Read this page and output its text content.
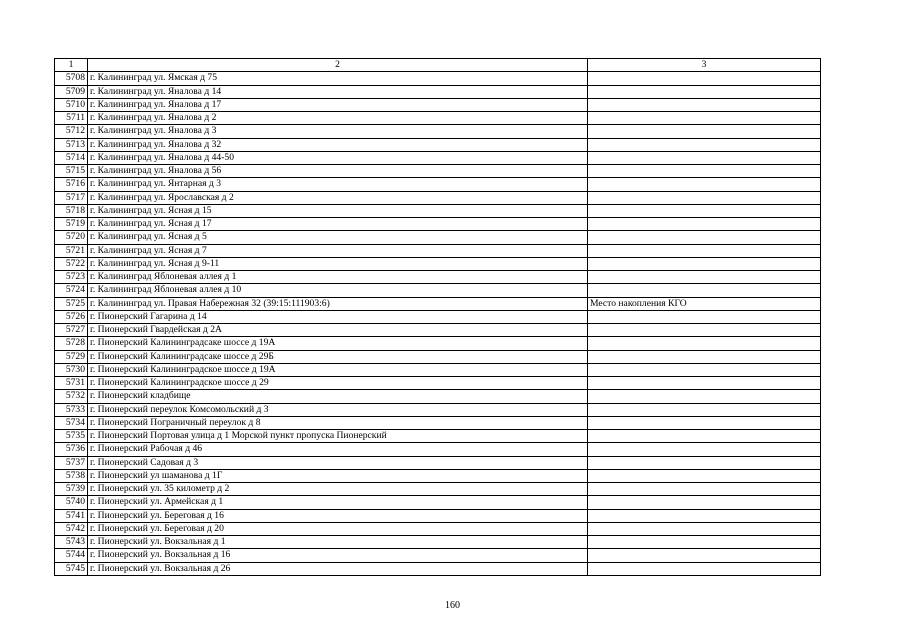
1	2	3
5708	г. Калининград ул. Ямская д 75	
5709	г. Калининград ул. Яналова д 14	
5710	г. Калининград ул. Яналова д 17	
5711	г. Калининград ул. Яналова д 2	
5712	г. Калининград ул. Яналова д 3	
5713	г. Калининград ул. Яналова д 32	
5714	г. Калининград ул. Яналова д 44-50	
5715	г. Калининград ул. Яналова д 56	
5716	г. Калининград ул. Янтарная д 3	
5717	г. Калининград ул. Ярославская д 2	
5718	г. Калининград ул. Ясная д 15	
5719	г. Калининград ул. Ясная д 17	
5720	г. Калининград ул. Ясная д 5	
5721	г. Калининград ул. Ясная д 7	
5722	г. Калининград ул. Ясная д 9-11	
5723	г. Калининград Яблоневая аллея д 1	
5724	г. Калининград Яблоневая аллея д 10	
5725	г. Калининград ул. Правая Набережная 32 (39:15:111903:6)	Место накопления КГО
5726	г. Пионерский Гагарина д 14	
5727	г. Пионерский Гвардейская д 2А	
5728	г. Пионерский Калининградсаке шоссе д 19А	
5729	г. Пионерский Калининградсаке шоссе д 29Б	
5730	г. Пионерский Калининградское шоссе д 19А	
5731	г. Пионерский Калининградское шоссе д 29	
5732	г. Пионерский кладбище	
5733	г. Пионерский переулок Комсомольский д 3	
5734	г. Пионерский Пограничный переулок д 8	
5735	г. Пионерский Портовая улица д 1 Морской пункт пропуска Пионерский	
5736	г. Пионерский Рабочая д 46	
5737	г. Пионерский Садовая д 3	
5738	г. Пионерский ул шаманова д 1Г	
5739	г. Пионерский ул. 35 километр д 2	
5740	г. Пионерский ул. Армейская д 1	
5741	г. Пионерский ул. Береговая д 16	
5742	г. Пионерский ул. Береговая д 20	
5743	г. Пионерский ул. Вокзальная д 1	
5744	г. Пионерский ул. Вокзальная д 16	
5745	г. Пионерский ул. Вокзальная д 26	
160
